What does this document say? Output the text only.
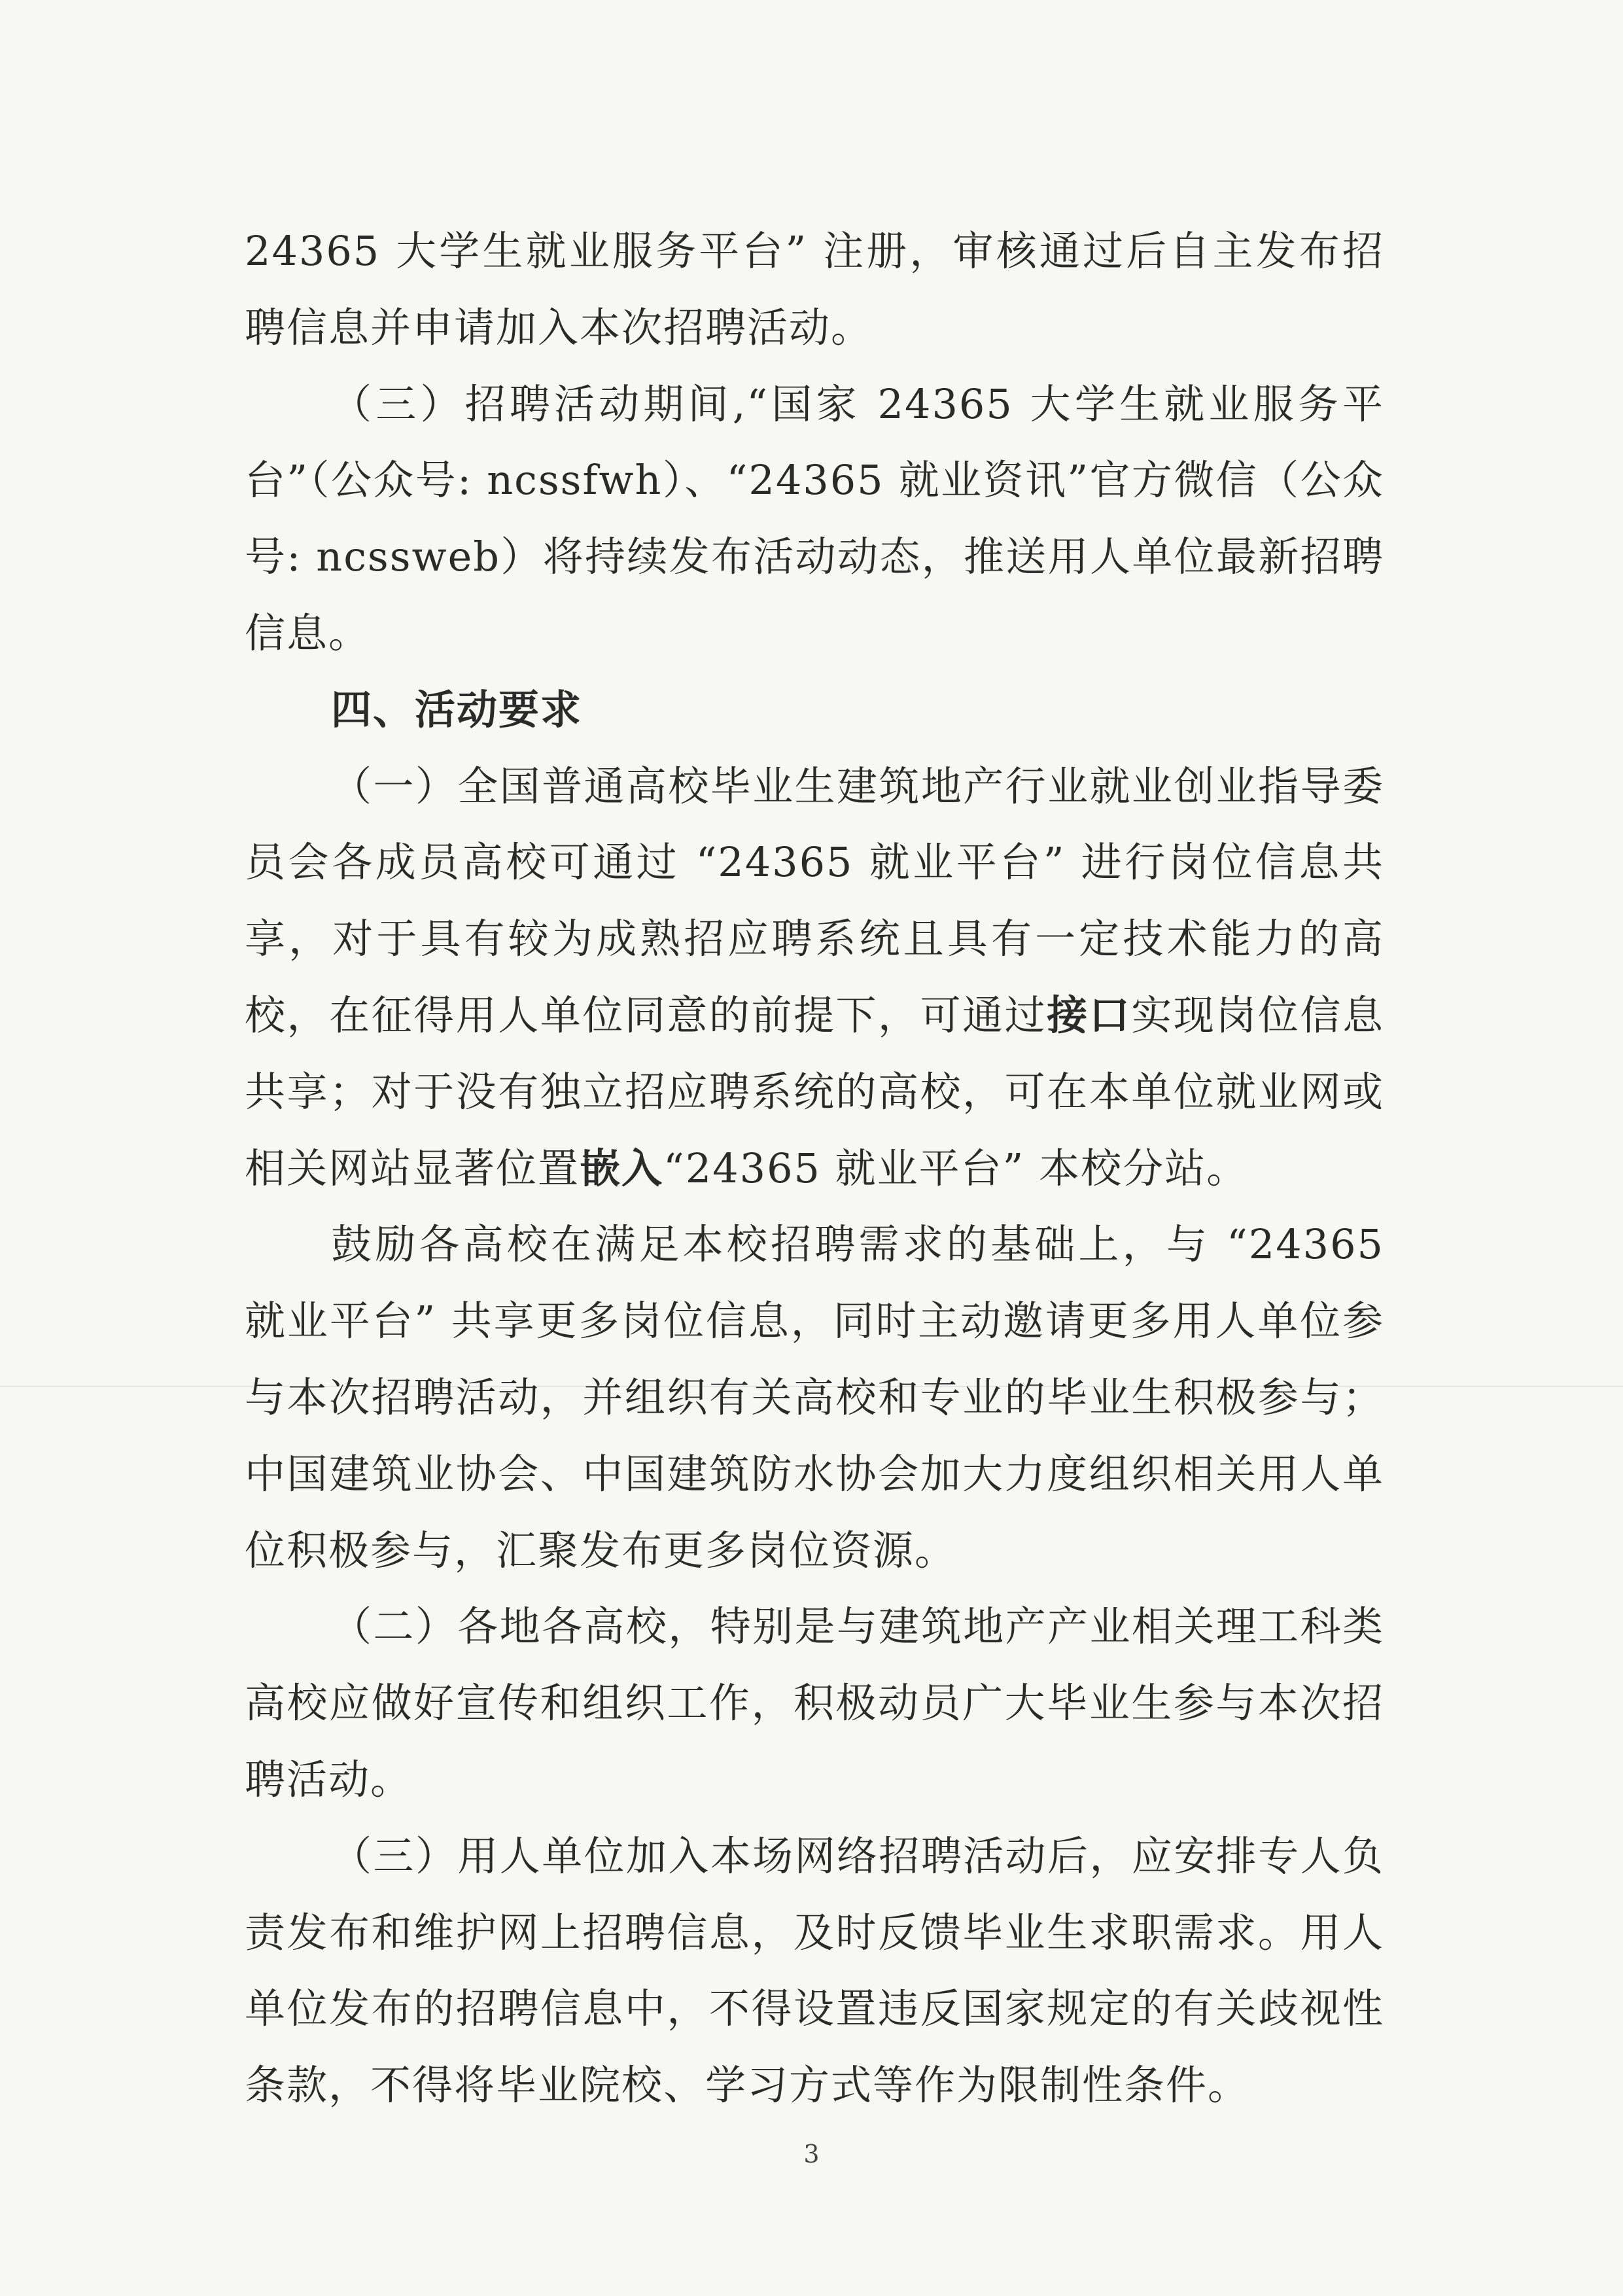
24365 大学生就业服务平台” 注册，审核通过后自主发布招聘信息并申请加入本次招聘活动。

（三）招聘活动期间,“国家 24365 大学生就业服务平台”（公众号: ncssfwh）、“24365 就业资讯”官方微信（公众号: ncssweb）将持续发布活动动态，推送用人单位最新招聘信息。

四、活动要求

（一）全国普通高校毕业生建筑地产行业就业创业指导委员会各成员高校可通过 “24365 就业平台” 进行岗位信息共享，对于具有较为成熟招应聘系统且具有一定技术能力的高校，在征得用人单位同意的前提下，可通过接口实现岗位信息共享；对于没有独立招应聘系统的高校，可在本单位就业网或相关网站显著位置嵌入“24365 就业平台” 本校分站。

鼓励各高校在满足本校招聘需求的基础上，与 “24365 就业平台” 共享更多岗位信息，同时主动邀请更多用人单位参与本次招聘活动，并组织有关高校和专业的毕业生积极参与；中国建筑业协会、中国建筑防水协会加大力度组织相关用人单位积极参与，汇聚发布更多岗位资源。

（二）各地各高校，特别是与建筑地产产业相关理工科类高校应做好宣传和组织工作，积极动员广大毕业生参与本次招聘活动。

（三）用人单位加入本场网络招聘活动后，应安排专人负责发布和维护网上招聘信息，及时反馈毕业生求职需求。用人单位发布的招聘信息中，不得设置违反国家规定的有关歧视性条款，不得将毕业院校、学习方式等作为限制性条件。

3
